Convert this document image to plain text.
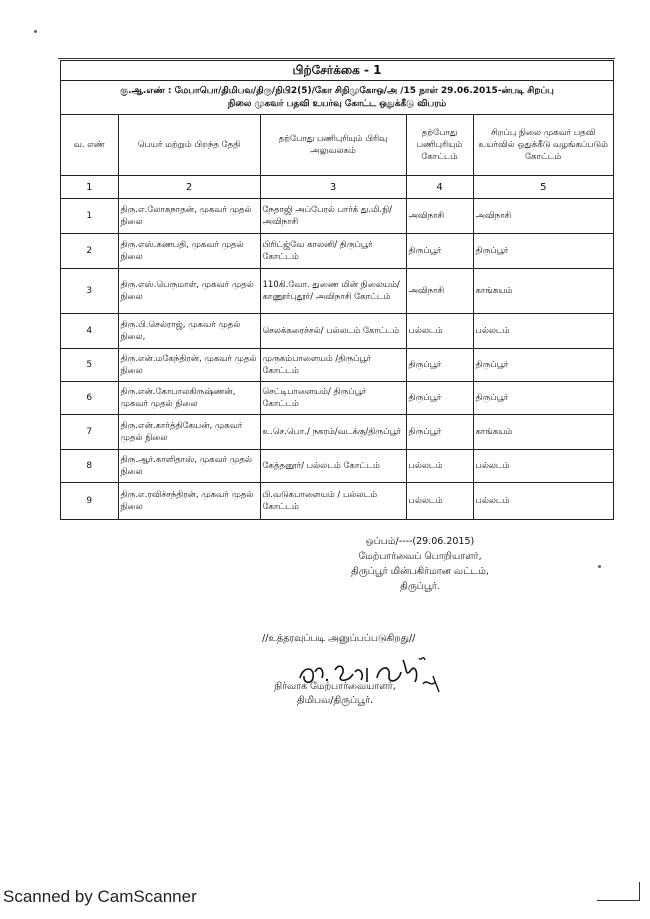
பிற்சேர்க்கை - 1
கு.ஆ.எண் : மேபாபொ/திமிபவ/திரு/நிபி2(5)/கோ சிநிமுகோஒ/அ /15 நாள் 29.06.2015-ன்படி சிறப்பு
நிலை முகவர் பதவி உயர்வு கோட்ட ஒதுக்கீடு விபரம்
வ. எண்	பெயர் மற்றும் பிறந்த தேதி	தற்போது பணிபுரியும் பிரிவு அலுவலகம்	தற்போது பணிபுரியும் கோட்டம்	சிறப்பு நிலை முகவர் பதவி உயர்வில் ஒதுக்கீடு வழங்கப்படும் கோட்டம்
1	2	3	4	5
1	திரு.எ.லோகநாதன், முகவர் முதல் நிலை	நேதாஜி அப்பேரல் பார்க் து.மி.நி/அவிநாசி	அவிநாசி	அவிநாசி
2	திரு.எஸ்.கணபதி, முகவர் முதல் நிலை	பிரிட்ஜ்வே காலனி/ திருப்பூர் கோட்டம்	திருப்பூர்	திருப்பூர்
3	திரு.எஸ்.பெருமாள், முகவர் முதல் நிலை	110கி.வோ. துணை மின் நிலையம்/ காணூர்புதூர்/ அவிநாசி கோட்டம்	அவிநாசி	காங்கயம்
4	திரு.பி.செல்ராஜ், முகவர் முதல் நிலை,	செலக்கரைச்சல்/ பல்லடம் கோட்டம்	பல்லடம்	பல்லடம்
5	திரு.என்.மகேந்திரன், முகவர் முதல் நிலை	முருகம்பாளையம் /திருப்பூர் கோட்டம்	திருப்பூர்	திருப்பூர்
6	திரு.என்.கோபாலகிருஷ்ணன், முகவர் முதல் நிலை	செட்டிபாளையம்/ திருப்பூர் கோட்டம்	திருப்பூர்	திருப்பூர்
7	திரு.என்.கார்த்திகேயன், முகவர் முதல் நிலை	உ.செ.பொ./ நகரம்/வடக்கு/திருப்பூர்	திருப்பூர்	காங்கயம்
8	திரு.ஆர்.காளிதாஸ், முகவர் முதல் நிலை	கேத்தனூர்/ பல்லடம் கோட்டம்	பல்லடம்	பல்லடம்
9	திரு.எ.ரவிச்சந்திரன், முகவர் முதல் நிலை	பி.வடுகபாளையம் / பல்லடம் கோட்டம்	பல்லடம்	பல்லடம்
ஒப்பம்/----(29.06.2015)
மேற்பார்வைப் பொறியாளர்,
திருப்பூர் மின்பகிர்மான வட்டம்,
திருப்பூர்.
//உத்தரவுப்படி அனுப்பப்படுகிறது//
நிர்வாக மேற்பார்வையாளர்,
திமிபவ/திருப்பூர்.
Scanned by CamScanner
